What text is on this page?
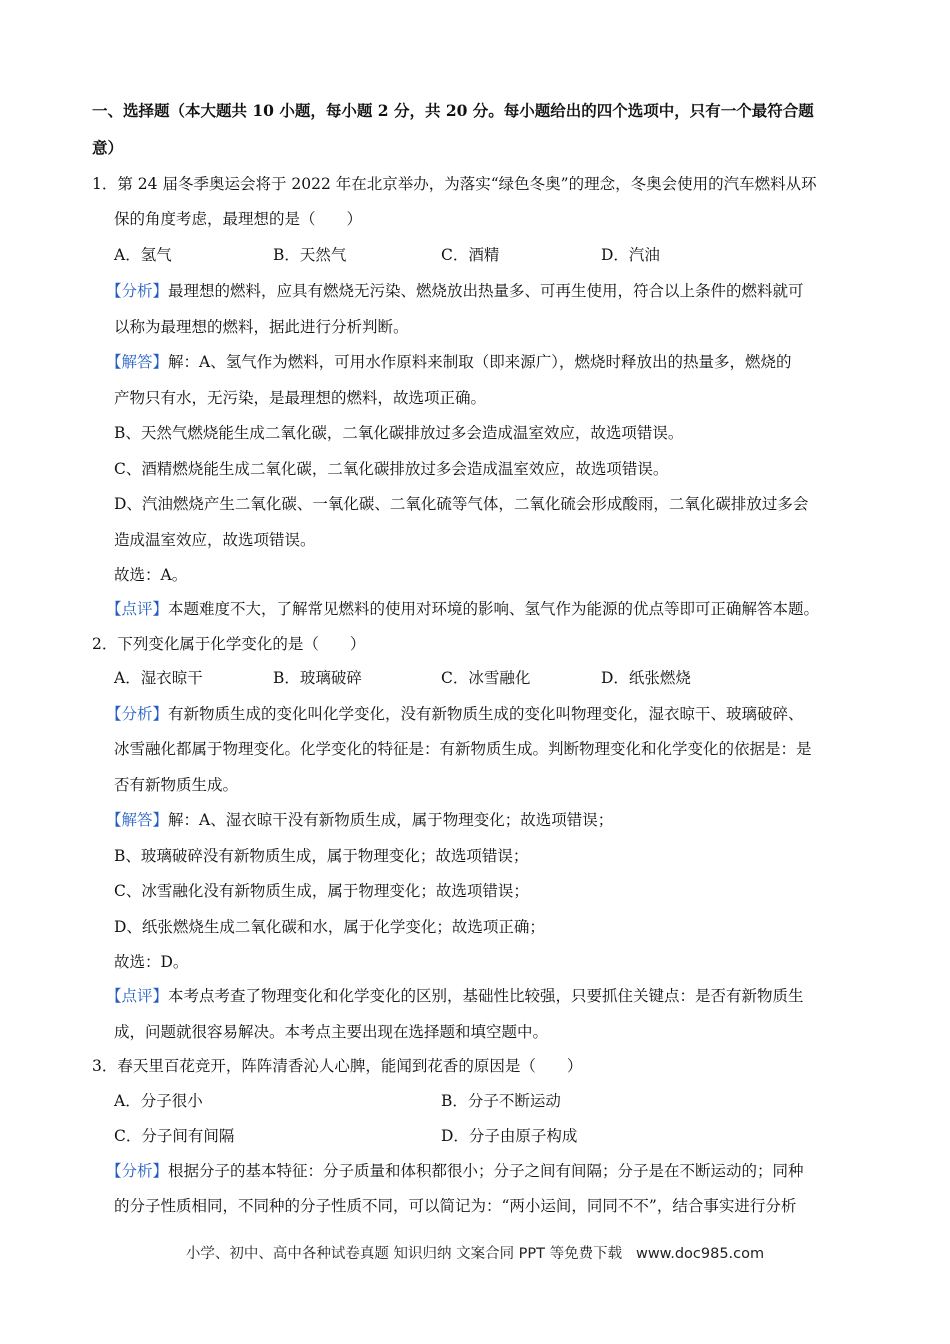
一、选择题（本大题共 10 小题，每小题 2 分，共 20 分。每小题给出的四个选项中，只有一个最符合题
意）
1．第 24 届冬季奥运会将于 2022 年在北京举办，为落实“绿色冬奥”的理念，冬奥会使用的汽车燃料从环
保的角度考虑，最理想的是（　　）
A．氢气	B．天然气	C．酒精	D．汽油
【分析】最理想的燃料，应具有燃烧无污染、燃烧放出热量多、可再生使用，符合以上条件的燃料就可
以称为最理想的燃料，据此进行分析判断。
【解答】解：A、氢气作为燃料，可用水作原料来制取（即来源广），燃烧时释放出的热量多，燃烧的
产物只有水，无污染，是最理想的燃料，故选项正确。
B、天然气燃烧能生成二氧化碳，二氧化碳排放过多会造成温室效应，故选项错误。
C、酒精燃烧能生成二氧化碳，二氧化碳排放过多会造成温室效应，故选项错误。
D、汽油燃烧产生二氧化碳、一氧化碳、二氧化硫等气体，二氧化硫会形成酸雨，二氧化碳排放过多会
造成温室效应，故选项错误。
故选：A。
【点评】本题难度不大，了解常见燃料的使用对环境的影响、氢气作为能源的优点等即可正确解答本题。
2．下列变化属于化学变化的是（　　）
A．湿衣晾干	B．玻璃破碎	C．冰雪融化	D．纸张燃烧
【分析】有新物质生成的变化叫化学变化，没有新物质生成的变化叫物理变化，湿衣晾干、玻璃破碎、
冰雪融化都属于物理变化。化学变化的特征是：有新物质生成。判断物理变化和化学变化的依据是：是
否有新物质生成。
【解答】解：A、湿衣晾干没有新物质生成，属于物理变化；故选项错误；
B、玻璃破碎没有新物质生成，属于物理变化；故选项错误；
C、冰雪融化没有新物质生成，属于物理变化；故选项错误；
D、纸张燃烧生成二氧化碳和水，属于化学变化；故选项正确；
故选：D。
【点评】本考点考查了物理变化和化学变化的区别，基础性比较强，只要抓住关键点：是否有新物质生
成，问题就很容易解决。本考点主要出现在选择题和填空题中。
3．春天里百花竞开，阵阵清香沁人心脾，能闻到花香的原因是（　　）
A．分子很小	B．分子不断运动
C．分子间有间隔	D．分子由原子构成
【分析】根据分子的基本特征：分子质量和体积都很小；分子之间有间隔；分子是在不断运动的；同种
的分子性质相同，不同种的分子性质不同，可以简记为：“两小运间，同同不不”，结合事实进行分析
小学、初中、高中各种试卷真题 知识归纳 文案合同 PPT 等免费下载 www.doc985.com
